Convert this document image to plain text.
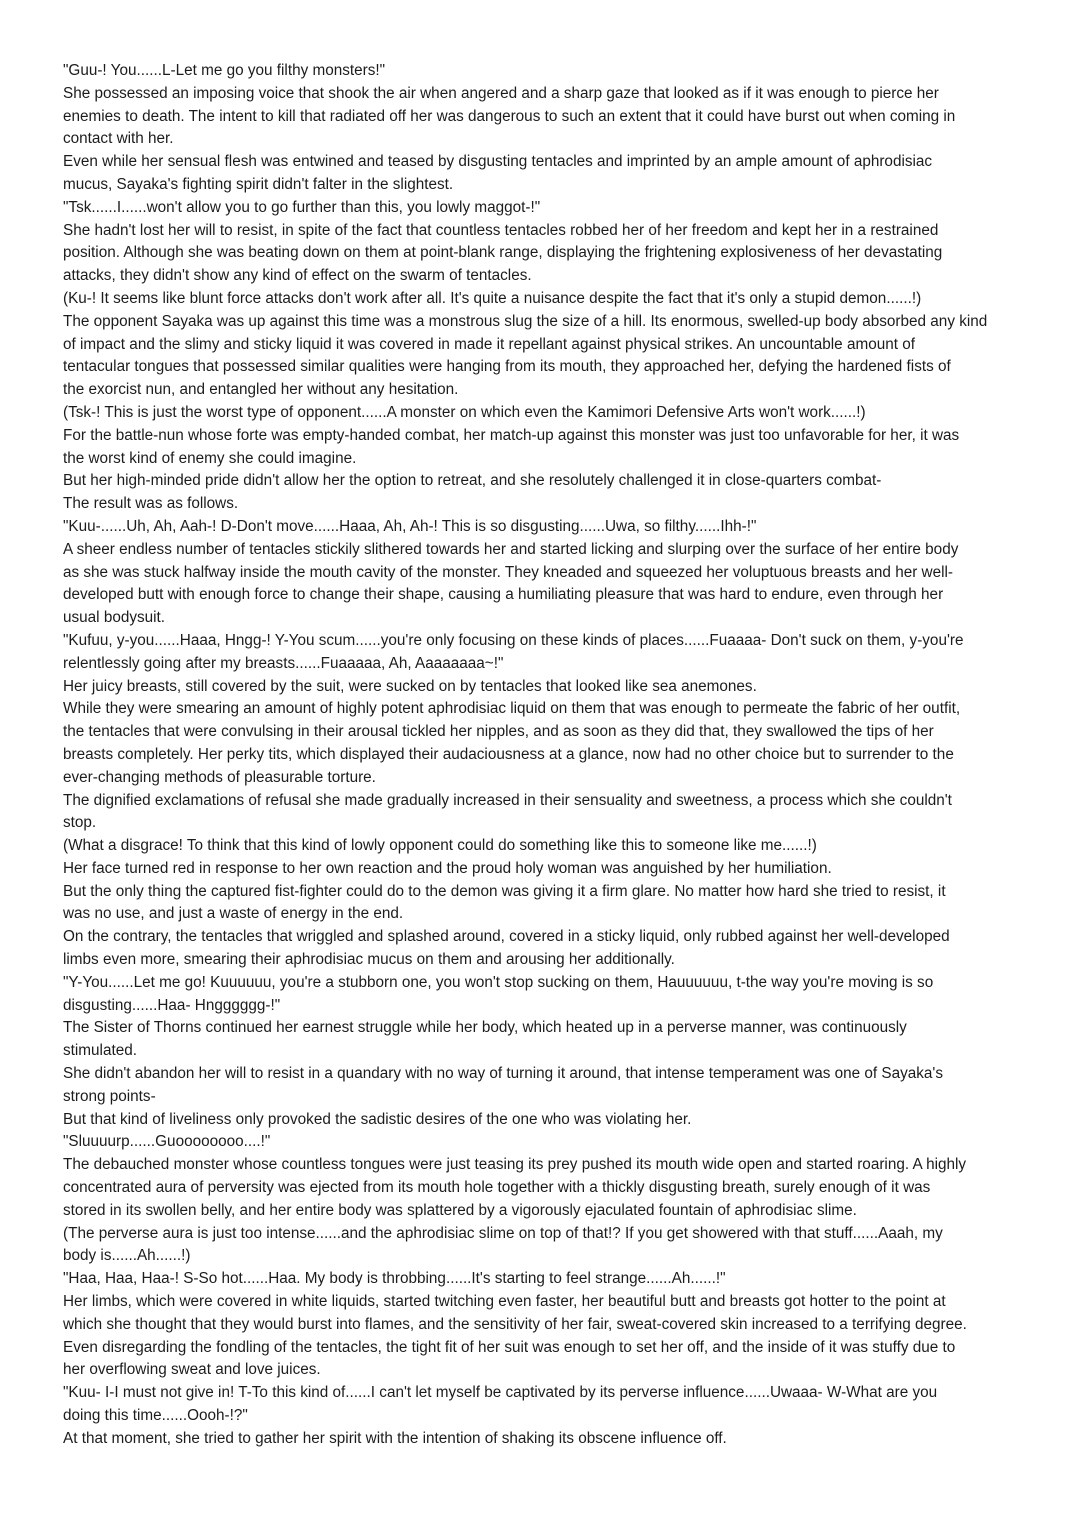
"Guu-! You......L-Let me go you filthy monsters!"
She possessed an imposing voice that shook the air when angered and a sharp gaze that looked as if it was enough to pierce her
enemies to death. The intent to kill that radiated off her was dangerous to such an extent that it could have burst out when coming in
contact with her.
Even while her sensual flesh was entwined and teased by disgusting tentacles and imprinted by an ample amount of aphrodisiac
mucus, Sayaka's fighting spirit didn't falter in the slightest.
"Tsk......I......won't allow you to go further than this, you lowly maggot-!"
She hadn't lost her will to resist, in spite of the fact that countless tentacles robbed her of her freedom and kept her in a restrained
position. Although she was beating down on them at point-blank range, displaying the frightening explosiveness of her devastating
attacks, they didn't show any kind of effect on the swarm of tentacles.
(Ku-! It seems like blunt force attacks don't work after all. It's quite a nuisance despite the fact that it's only a stupid demon......!)
The opponent Sayaka was up against this time was a monstrous slug the size of a hill. Its enormous, swelled-up body absorbed any kind
of impact and the slimy and sticky liquid it was covered in made it repellant against physical strikes. An uncountable amount of
tentacular tongues that possessed similar qualities were hanging from its mouth, they approached her, defying the hardened fists of
the exorcist nun, and entangled her without any hesitation.
(Tsk-! This is just the worst type of opponent......A monster on which even the Kamimori Defensive Arts won't work......!)
For the battle-nun whose forte was empty-handed combat, her match-up against this monster was just too unfavorable for her, it was
the worst kind of enemy she could imagine.
But her high-minded pride didn't allow her the option to retreat, and she resolutely challenged it in close-quarters combat-
The result was as follows.
"Kuu-......Uh, Ah, Aah-! D-Don't move......Haaa, Ah, Ah-! This is so disgusting......Uwa, so filthy......Ihh-!"
A sheer endless number of tentacles stickily slithered towards her and started licking and slurping over the surface of her entire body
as she was stuck halfway inside the mouth cavity of the monster. They kneaded and squeezed her voluptuous breasts and her well-
developed butt with enough force to change their shape, causing a humiliating pleasure that was hard to endure, even through her
usual bodysuit.
"Kufuu, y-you......Haaa, Hngg-! Y-You scum......you're only focusing on these kinds of places......Fuaaaa- Don't suck on them, y-you're
relentlessly going after my breasts......Fuaaaaa, Ah, Aaaaaaaa~!"
Her juicy breasts, still covered by the suit, were sucked on by tentacles that looked like sea anemones.
While they were smearing an amount of highly potent aphrodisiac liquid on them that was enough to permeate the fabric of her outfit,
the tentacles that were convulsing in their arousal tickled her nipples, and as soon as they did that, they swallowed the tips of her
breasts completely. Her perky tits, which displayed their audaciousness at a glance, now had no other choice but to surrender to the
ever-changing methods of pleasurable torture.
The dignified exclamations of refusal she made gradually increased in their sensuality and sweetness, a process which she couldn't
stop.
(What a disgrace! To think that this kind of lowly opponent could do something like this to someone like me......!)
Her face turned red in response to her own reaction and the proud holy woman was anguished by her humiliation.
But the only thing the captured fist-fighter could do to the demon was giving it a firm glare. No matter how hard she tried to resist, it
was no use, and just a waste of energy in the end.
On the contrary, the tentacles that wriggled and splashed around, covered in a sticky liquid, only rubbed against her well-developed
limbs even more, smearing their aphrodisiac mucus on them and arousing her additionally.
"Y-You......Let me go! Kuuuuuu, you're a stubborn one, you won't stop sucking on them, Hauuuuuu, t-the way you're moving is so
disgusting......Haa- Hngggggg-!"
The Sister of Thorns continued her earnest struggle while her body, which heated up in a perverse manner, was continuously
stimulated.
She didn't abandon her will to resist in a quandary with no way of turning it around, that intense temperament was one of Sayaka's
strong points-
But that kind of liveliness only provoked the sadistic desires of the one who was violating her.
"Sluuuurp......Guoooooooo....!"
The debauched monster whose countless tongues were just teasing its prey pushed its mouth wide open and started roaring. A highly
concentrated aura of perversity was ejected from its mouth hole together with a thickly disgusting breath, surely enough of it was
stored in its swollen belly, and her entire body was splattered by a vigorously ejaculated fountain of aphrodisiac slime.
(The perverse aura is just too intense......and the aphrodisiac slime on top of that!? If you get showered with that stuff......Aaah, my
body is......Ah......!)
"Haa, Haa, Haa-! S-So hot......Haa. My body is throbbing......It's starting to feel strange......Ah......!"
Her limbs, which were covered in white liquids, started twitching even faster, her beautiful butt and breasts got hotter to the point at
which she thought that they would burst into flames, and the sensitivity of her fair, sweat-covered skin increased to a terrifying degree.
Even disregarding the fondling of the tentacles, the tight fit of her suit was enough to set her off, and the inside of it was stuffy due to
her overflowing sweat and love juices.
"Kuu- I-I must not give in! T-To this kind of......I can't let myself be captivated by its perverse influence......Uwaaa- W-What are you
doing this time......Oooh-!?"
At that moment, she tried to gather her spirit with the intention of shaking its obscene influence off.
